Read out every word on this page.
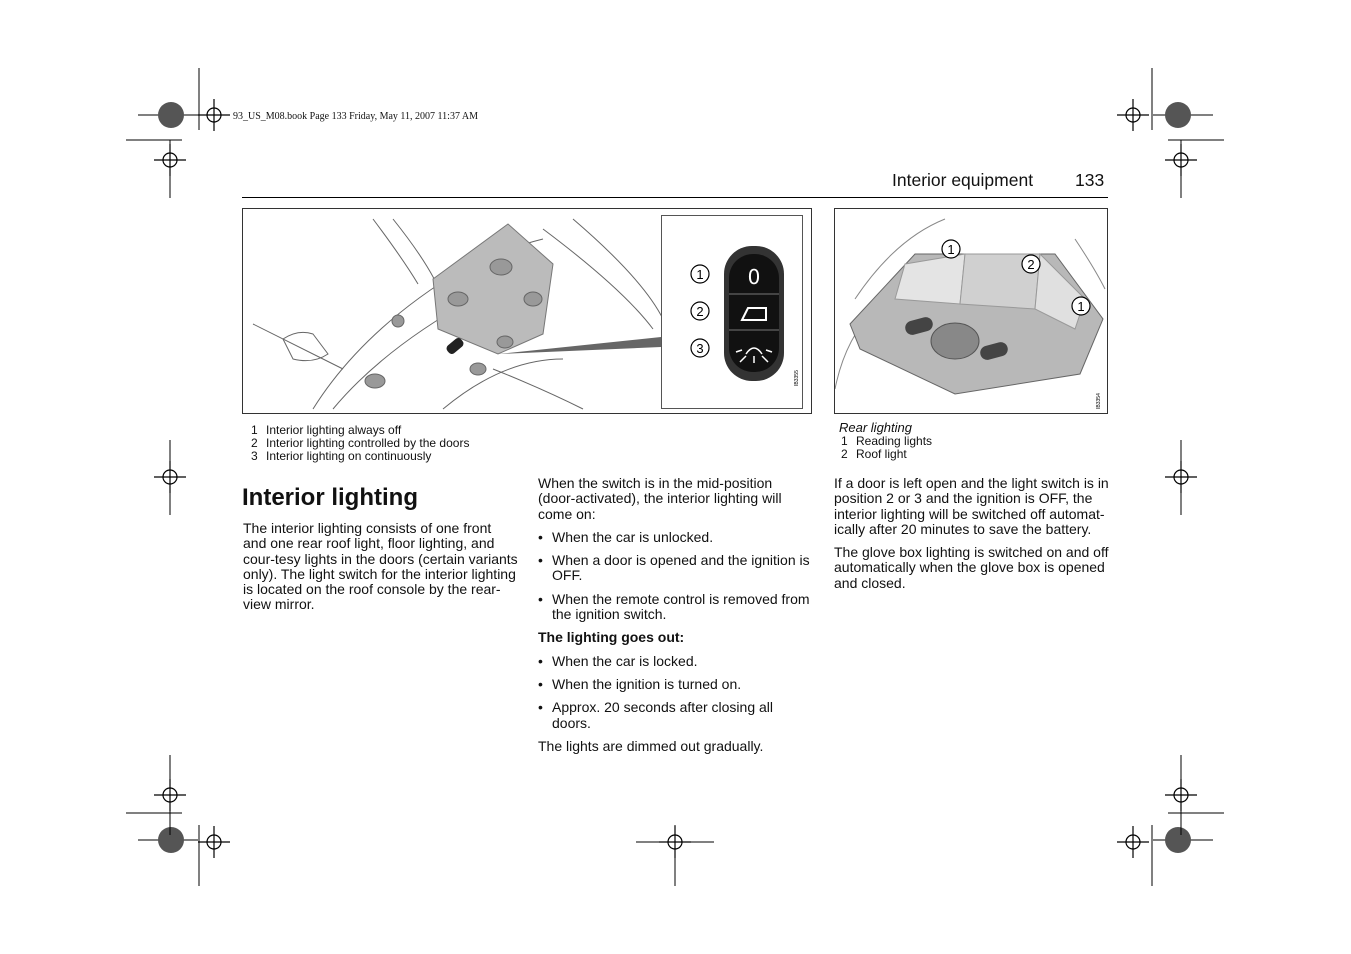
93_US_M08.book Page 133 Friday, May 11, 2007 11:37 AM
Interior equipment 133
0
1
2
3
IB3355
1
2
1
IB3354
1 Interior lighting always off
2 Interior lighting controlled by the doors
3 Interior lighting on continuously
Rear lighting
1 Reading lights
2 Roof light
Interior lighting

The interior lighting consists of one front and one rear roof light, floor lighting, and cour-tesy lights in the doors (certain variants only). The light switch for the interior lighting is located on the roof console by the rear-view mirror.

When the switch is in the mid-position (door-activated), the interior lighting will come on:

• When the car is unlocked.
• When a door is opened and the ignition is OFF.
• When the remote control is removed from the ignition switch.

The lighting goes out:

• When the car is locked.
• When the ignition is turned on.
• Approx. 20 seconds after closing all doors.

The lights are dimmed out gradually.

If a door is left open and the light switch is in position 2 or 3 and the ignition is OFF, the interior lighting will be switched off automat-ically after 20 minutes to save the battery.

The glove box lighting is switched on and off automatically when the glove box is opened and closed.
